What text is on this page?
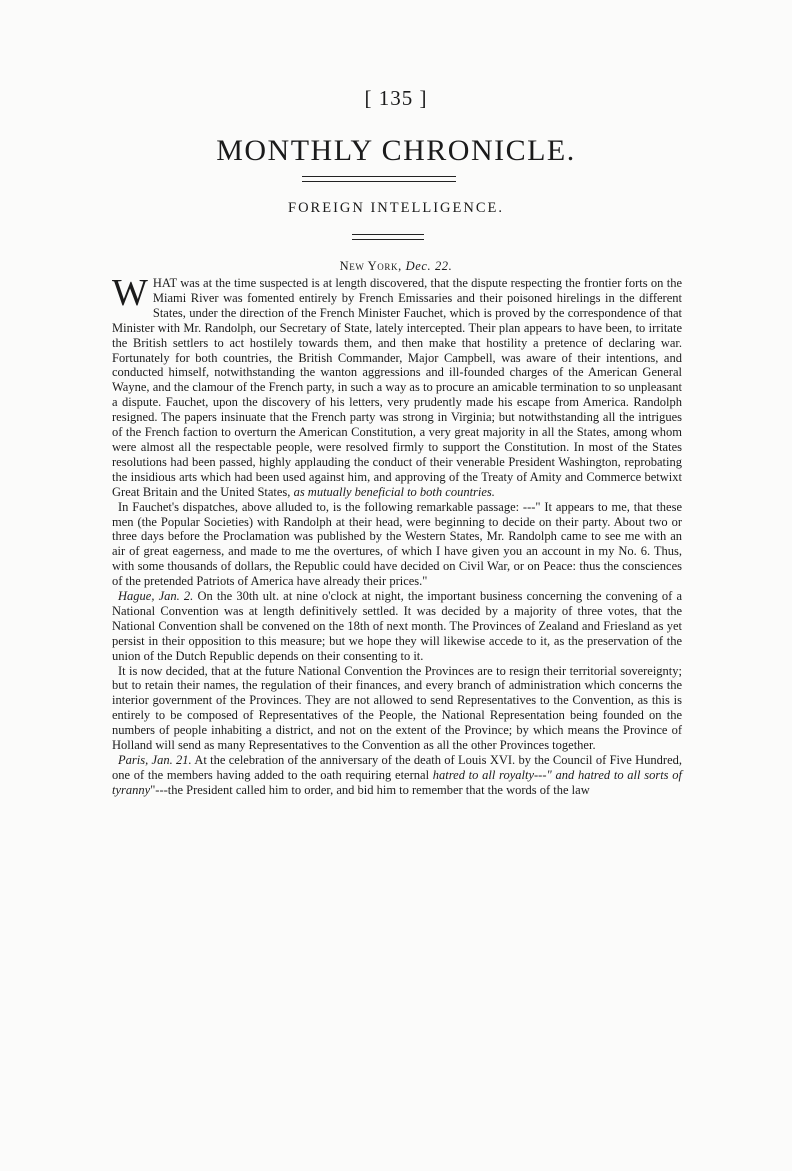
[ 135 ]
MONTHLY CHRONICLE.
FOREIGN INTELLIGENCE.
New York, Dec. 22.

W HAT was at the time suspected is at length discovered, that the dispute respecting the frontier forts on the Miami River was fomented entirely by French Emissaries and their poisoned hirelings in the different States, under the direction of the French Minister Fauchet, which is proved by the correspondence of that Minister with Mr. Randolph, our Secretary of State, lately intercepted. Their plan appears to have been, to irritate the British settlers to act hostilely towards them, and then make that hostility a pretence of declaring war. Fortunately for both countries, the British Commander, Major Campbell, was aware of their intentions, and conducted himself, notwithstanding the wanton aggressions and ill-founded charges of the American General Wayne, and the clamour of the French party, in such a way as to procure an amicable termination to so unpleasant a dispute. Fauchet, upon the discovery of his letters, very prudently made his escape from America. Randolph resigned. The papers insinuate that the French party was strong in Virginia; but notwithstanding all the intrigues of the French faction to overturn the American Constitution, a very great majority in all the States, among whom were almost all the respectable people, were resolved firmly to support the Constitution. In most of the States resolutions had been passed, highly applauding the conduct of their venerable President Washington, reprobating the insidious arts which had been used against him, and approving of the Treaty of Amity and Commerce betwixt Great Britain and the United States, as mutually beneficial to both countries.

In Fauchet's dispatches, above alluded to, is the following remarkable passage: ---" It appears to me, that these men (the Popular Societies) with Randolph at their head, were beginning to decide on their party. About two or three days before the Proclamation was published by the Western States, Mr. Randolph came to see me with an air of great eagerness, and made to me the overtures, of which I have given you an account in my No. 6. Thus, with some thousands of dollars, the Republic could have decided on Civil War, or on Peace: thus the consciences of the pretended Patriots of America have already their prices."

Hague, Jan. 2. On the 30th ult. at nine o'clock at night, the important business concerning the convening of a National Convention was at length definitively settled. It was decided by a majority of three votes, that the National Convention shall be convened on the 18th of next month. The Provinces of Zealand and Friesland as yet persist in their opposition to this measure; but we hope they will likewise accede to it, as the preservation of the union of the Dutch Republic depends on their consenting to it.

It is now decided, that at the future National Convention the Provinces are to resign their territorial sovereignty; but to retain their names, the regulation of their finances, and every branch of administration which concerns the interior government of the Provinces. They are not allowed to send Representatives to the Convention, as this is entirely to be composed of Representatives of the People, the National Representation being founded on the numbers of people inhabiting a district, and not on the extent of the Province; by which means the Province of Holland will send as many Representatives to the Convention as all the other Provinces together.

Paris, Jan. 21. At the celebration of the anniversary of the death of Louis XVI. by the Council of Five Hundred, one of the members having added to the oath requiring eternal hatred to all royalty---" and hatred to all sorts of tyranny"---the President called him to order, and bid him to remember that the words of the law
